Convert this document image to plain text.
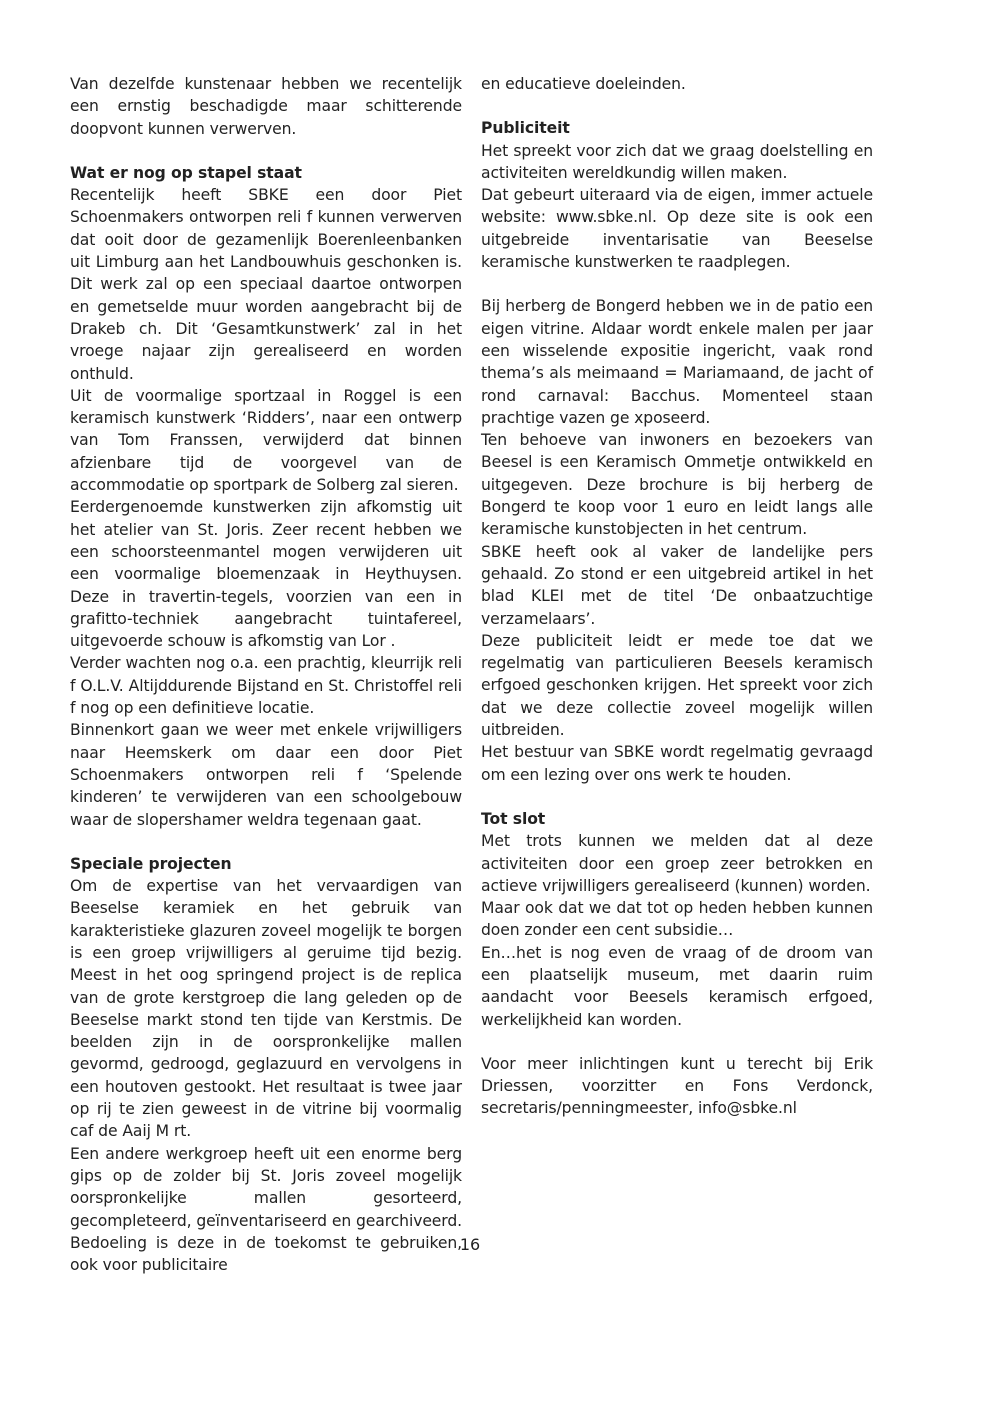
Van dezelfde kunstenaar hebben we recentelijk een ernstig beschadigde maar schitterende doopvont kunnen verwerven.

Wat er nog op stapel staat

Recentelijk heeft SBKE een door Piet Schoenmakers ontworpen reli f kunnen verwerven dat ooit door de gezamenlijk Boerenleenbanken uit Limburg aan het Landbouwhuis geschonken is. Dit werk zal op een speciaal daartoe ontworpen en gemetselde muur worden aangebracht bij de Drakeb ch. Dit ‘Gesamtkunstwerk’ zal in het vroege najaar zijn gerealiseerd en worden onthuld.

Uit de voormalige sportzaal in Roggel is een keramisch kunstwerk ‘Ridders’, naar een ontwerp van Tom Franssen, verwijderd dat binnen afzienbare tijd de voorgevel van de accommodatie op sportpark de Solberg zal sieren.

Eerdergenoemde kunstwerken zijn afkomstig uit het atelier van St. Joris. Zeer recent hebben we een schoorsteenmantel mogen verwijderen uit een voormalige bloemenzaak in Heythuysen. Deze in travertin-tegels, voorzien van een in grafitto-techniek aangebracht tuintafereel, uitgevoerde schouw is afkomstig van Lor .

Verder wachten nog o.a. een prachtig, kleurrijk reli f O.L.V. Altijddurende Bijstand en St. Christoffel reli f nog op een definitieve locatie.

Binnenkort gaan we weer met enkele vrijwilligers naar Heemskerk om daar een door Piet Schoenmakers ontworpen reli f ‘Spelende kinderen’ te verwijderen van een schoolgebouw waar de slopershamer weldra tegenaan gaat.

Speciale projecten

Om de expertise van het vervaardigen van Beeselse keramiek en het gebruik van karakteristieke glazuren zoveel mogelijk te borgen is een groep vrijwilligers al geruime tijd bezig. Meest in het oog springend project is de replica van de grote kerstgroep die lang geleden op de Beeselse markt stond ten tijde van Kerstmis. De beelden zijn in de oorspronkelijke mallen gevormd, gedroogd, geglazuurd en vervolgens in een houtoven gestookt. Het resultaat is twee jaar op rij te zien geweest in de vitrine bij voormalig caf de Aaij M rt.

Een andere werkgroep heeft uit een enorme berg gips op de zolder bij St. Joris zoveel mogelijk oorspronkelijke mallen gesorteerd, gecompleteerd, geïnventariseerd en gearchiveerd. Bedoeling is deze in de toekomst te gebruiken, ook voor publicitaire

en educatieve doeleinden.

Publiciteit

Het spreekt voor zich dat we graag doelstelling en activiteiten wereldkundig willen maken.

Dat gebeurt uiteraard via de eigen, immer actuele website: www.sbke.nl. Op deze site is ook een uitgebreide inventarisatie van Beeselse keramische kunstwerken te raadplegen.

Bij herberg de Bongerd hebben we in de patio een eigen vitrine. Aldaar wordt enkele malen per jaar een wisselende expositie ingericht, vaak rond thema’s als meimaand = Mariamaand, de jacht of rond carnaval: Bacchus. Momenteel staan prachtige vazen ge xposeerd.

Ten behoeve van inwoners en bezoekers van Beesel is een Keramisch Ommetje ontwikkeld en uitgegeven. Deze brochure is bij herberg de Bongerd te koop voor 1 euro en leidt langs alle keramische kunstobjecten in het centrum.

SBKE heeft ook al vaker de landelijke pers gehaald. Zo stond er een uitgebreid artikel in het blad KLEI met de titel ‘De onbaatzuchtige verzamelaars’.

Deze publiciteit leidt er mede toe dat we regelmatig van particulieren Beesels keramisch erfgoed geschonken krijgen. Het spreekt voor zich dat we deze collectie zoveel mogelijk willen uitbreiden.

Het bestuur van SBKE wordt regelmatig gevraagd om een lezing over ons werk te houden.

Tot slot

Met trots kunnen we melden dat al deze activiteiten door een groep zeer betrokken en actieve vrijwilligers gerealiseerd (kunnen) worden.

Maar ook dat we dat tot op heden hebben kunnen doen zonder een cent subsidie…

En…het is nog even de vraag of de droom van een plaatselijk museum, met daarin ruim aandacht voor Beesels keramisch erfgoed, werkelijkheid kan worden.

Voor meer inlichtingen kunt u terecht bij Erik Driessen, voorzitter en Fons Verdonck, secretaris/penningmeester, info@sbke.nl

16
